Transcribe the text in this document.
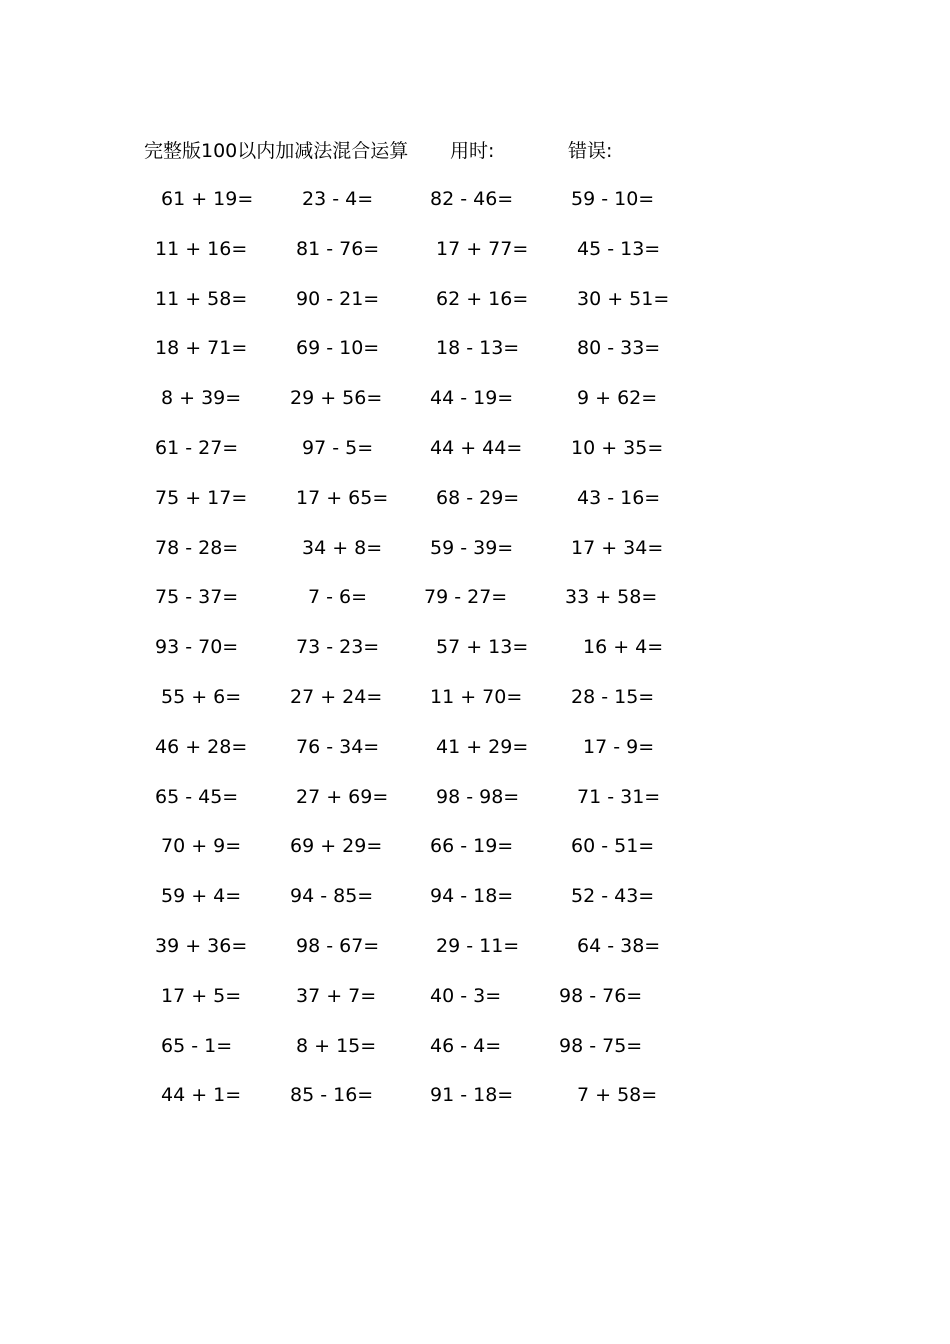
完整版100以内加减法混合运算 用时:	错误:
61 + 19=	23 - 4=	82 - 46=	59 - 10=
11 + 16=	81 - 76=	17 + 77=	45 - 13=
11 + 58=	90 - 21=	62 + 16=	30 + 51=
18 + 71=	69 - 10=	18 - 13=	80 - 33=
8 + 39=	29 + 56=	44 - 19=	9 + 62=
61 - 27=	97 - 5=	44 + 44=	10 + 35=
75 + 17=	17 + 65=	68 - 29=	43 - 16=
78 - 28=	34 + 8=	59 - 39=	17 + 34=
75 - 37=	7 - 6=	79 - 27=	33 + 58=
93 - 70=	73 - 23=	57 + 13=	16 + 4=
55 + 6=	27 + 24=	11 + 70=	28 - 15=
46 + 28=	76 - 34=	41 + 29=	17 - 9=
65 - 45=	27 + 69=	98 - 98=	71 - 31=
70 + 9=	69 + 29=	66 - 19=	60 - 51=
59 + 4=	94 - 85=	94 - 18=	52 - 43=
39 + 36=	98 - 67=	29 - 11=	64 - 38=
17 + 5=	37 + 7=	40 - 3=	98 - 76=
65 - 1=	8 + 15=	46 - 4=	98 - 75=
44 + 1=	85 - 16=	91 - 18=	7 + 58=
